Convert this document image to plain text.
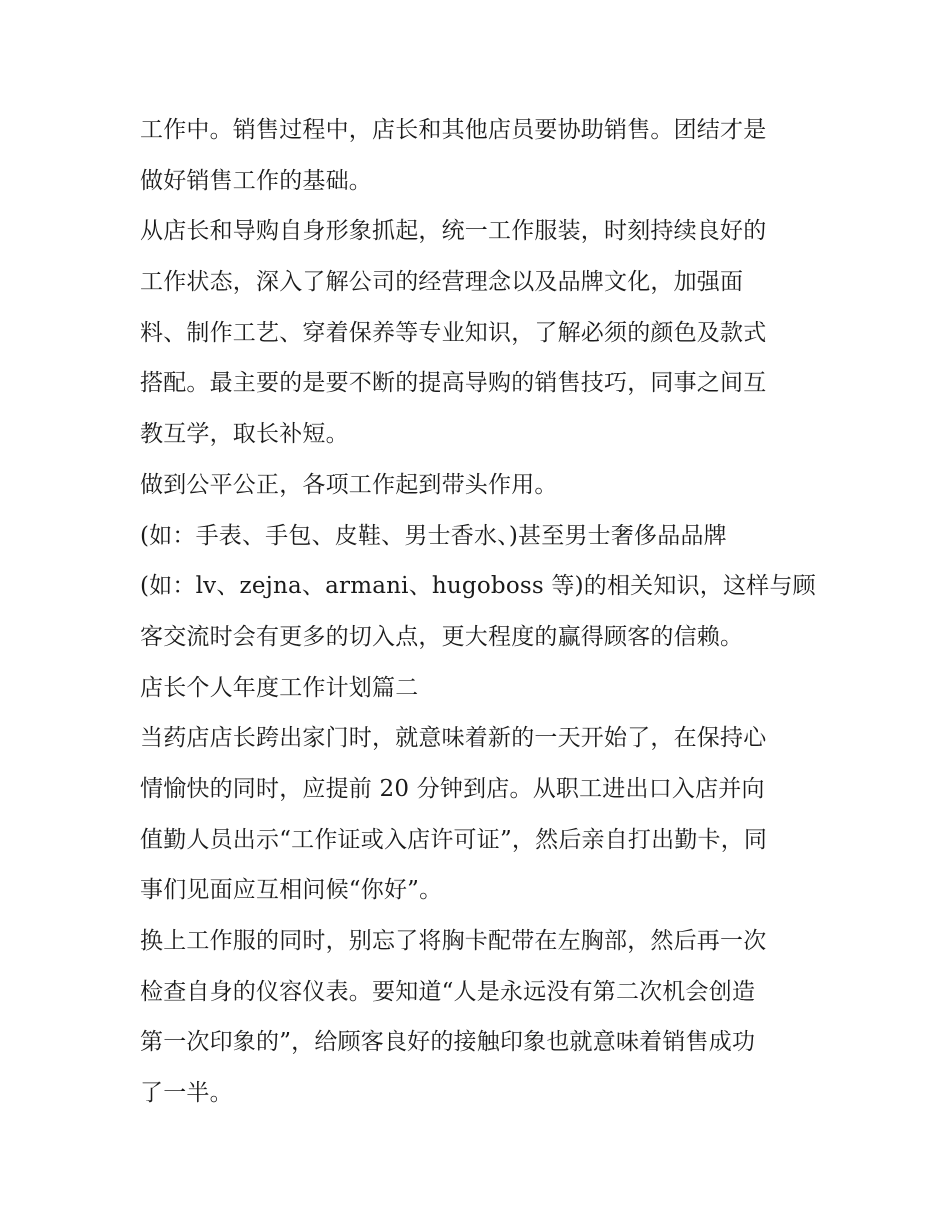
工作中。销售过程中，店长和其他店员要协助销售。团结才是
做好销售工作的基础。
从店长和导购自身形象抓起，统一工作服装，时刻持续良好的
工作状态，深入了解公司的经营理念以及品牌文化，加强面
料、制作工艺、穿着保养等专业知识，了解必须的颜色及款式
搭配。最主要的是要不断的提高导购的销售技巧，同事之间互
教互学，取长补短。
做到公平公正，各项工作起到带头作用。
(如：手表、手包、皮鞋、男士香水、)甚至男士奢侈品品牌
(如：lv、zejna、armani、hugoboss 等)的相关知识，这样与顾
客交流时会有更多的切入点，更大程度的赢得顾客的信赖。
店长个人年度工作计划篇二
当药店店长跨出家门时，就意味着新的一天开始了，在保持心
情愉快的同时，应提前 20 分钟到店。从职工进出口入店并向
值勤人员出示“工作证或入店许可证”，然后亲自打出勤卡，同
事们见面应互相问候“你好”。
换上工作服的同时，别忘了将胸卡配带在左胸部，然后再一次
检查自身的仪容仪表。要知道“人是永远没有第二次机会创造
第一次印象的”，给顾客良好的接触印象也就意味着销售成功
了一半。
